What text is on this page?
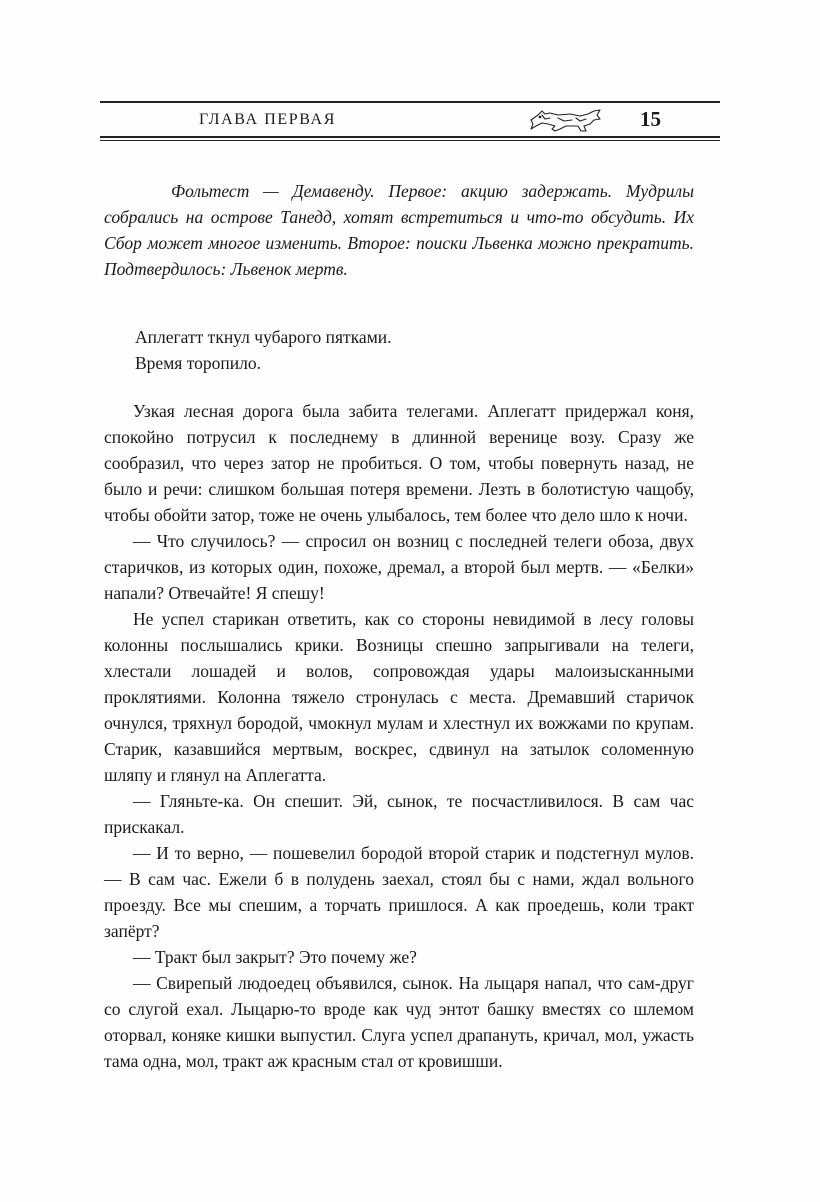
ГЛАВА ПЕРВАЯ	15

Фольтест — Демавенду. Первое: акцию задержать. Мудрилы собрались на острове Танедд, хотят встретиться и что-то обсудить. Их Сбор может многое изменить. Второе: поиски Львенка можно прекратить. Подтвердилось: Львенок мертв.

Аплегатт ткнул чубарого пятками.

Время торопило.

Узкая лесная дорога была забита телегами. Аплегатт придержал коня, спокойно потрусил к последнему в длинной веренице возу. Сразу же сообразил, что через затор не пробиться. О том, чтобы повернуть назад, не было и речи: слишком большая потеря времени. Лезть в болотистую чащобу, чтобы обойти затор, тоже не очень улыбалось, тем более что дело шло к ночи.

— Что случилось? — спросил он возниц с последней телеги обоза, двух старичков, из которых один, похоже, дремал, а второй был мертв. — «Белки» напали? Отвечайте! Я спешу!

Не успел старикан ответить, как со стороны невидимой в лесу головы колонны послышались крики. Возницы спешно запрыгивали на телеги, хлестали лошадей и волов, сопровождая удары малоизысканными проклятиями. Колонна тяжело стронулась с места. Дремавший старичок очнулся, тряхнул бородой, чмокнул мулам и хлестнул их вожжами по крупам. Старик, казавшийся мертвым, воскрес, сдвинул на затылок соломенную шляпу и глянул на Аплегатта.

— Гляньте-ка. Он спешит. Эй, сынок, те посчастливилося. В сам час прискакал.

— И то верно, — пошевелил бородой второй старик и подстегнул мулов. — В сам час. Ежели б в полудень заехал, стоял бы с нами, ждал вольного проезду. Все мы спешим, а торчать пришлося. А как проедешь, коли тракт запёрт?

— Тракт был закрыт? Это почему же?

— Свирепый людоедец объявился, сынок. На лыцаря напал, что сам-друг со слугой ехал. Лыцарю-то вроде как чуд энтот башку вместях со шлемом оторвал, коняке кишки выпустил. Слуга успел драпануть, кричал, мол, ужасть тама одна, мол, тракт аж красным стал от кровишши.
